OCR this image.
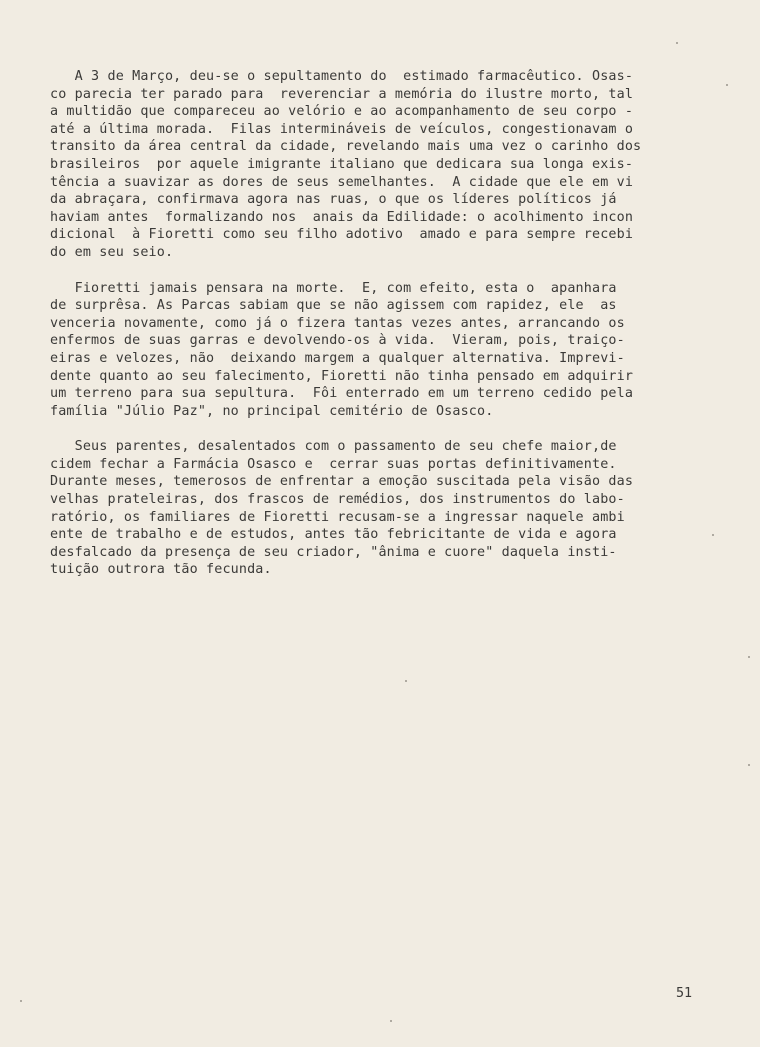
A 3 de Março, deu-se o sepultamento do  estimado farmacêutico. Osas-
co parecia ter parado para  reverenciar a memória do ilustre morto, tal
a multidão que compareceu ao velório e ao acompanhamento de seu corpo -
até a última morada.  Filas intermináveis de veículos, congestionavam o
transito da área central da cidade, revelando mais uma vez o carinho dos
brasileiros  por aquele imigrante italiano que dedicara sua longa exis-
tência a suavizar as dores de seus semelhantes.  A cidade que ele em vi
da abraçara, confirmava agora nas ruas, o que os líderes políticos já
haviam antes  formalizando nos  anais da Edilidade: o acolhimento incon
dicional  à Fioretti como seu filho adotivo  amado e para sempre recebi
do em seu seio.
Fioretti jamais pensara na morte.  E, com efeito, esta o  apanhara
de surprêsa. As Parcas sabiam que se não agissem com rapidez, ele  as
venceria novamente, como já o fizera tantas vezes antes, arrancando os
enfermos de suas garras e devolvendo-os à vida.  Vieram, pois, traiço-
eiras e velozes, não  deixando margem a qualquer alternativa. Imprevi-
dente quanto ao seu falecimento, Fioretti não tinha pensado em adquirir
um terreno para sua sepultura.  Fôi enterrado em um terreno cedido pela
família "Júlio Paz", no principal cemitério de Osasco.
Seus parentes, desalentados com o passamento de seu chefe maior,de
cidem fechar a Farmácia Osasco e  cerrar suas portas definitivamente.
Durante meses, temerosos de enfrentar a emoção suscitada pela visão das
velhas prateleiras, dos frascos de remédios, dos instrumentos do labo-
ratório, os familiares de Fioretti recusam-se a ingressar naquele ambi
ente de trabalho e de estudos, antes tão febricitante de vida e agora
desfalcado da presença de seu criador, "ânima e cuore" daquela insti-
tuição outrora tão fecunda.
51
